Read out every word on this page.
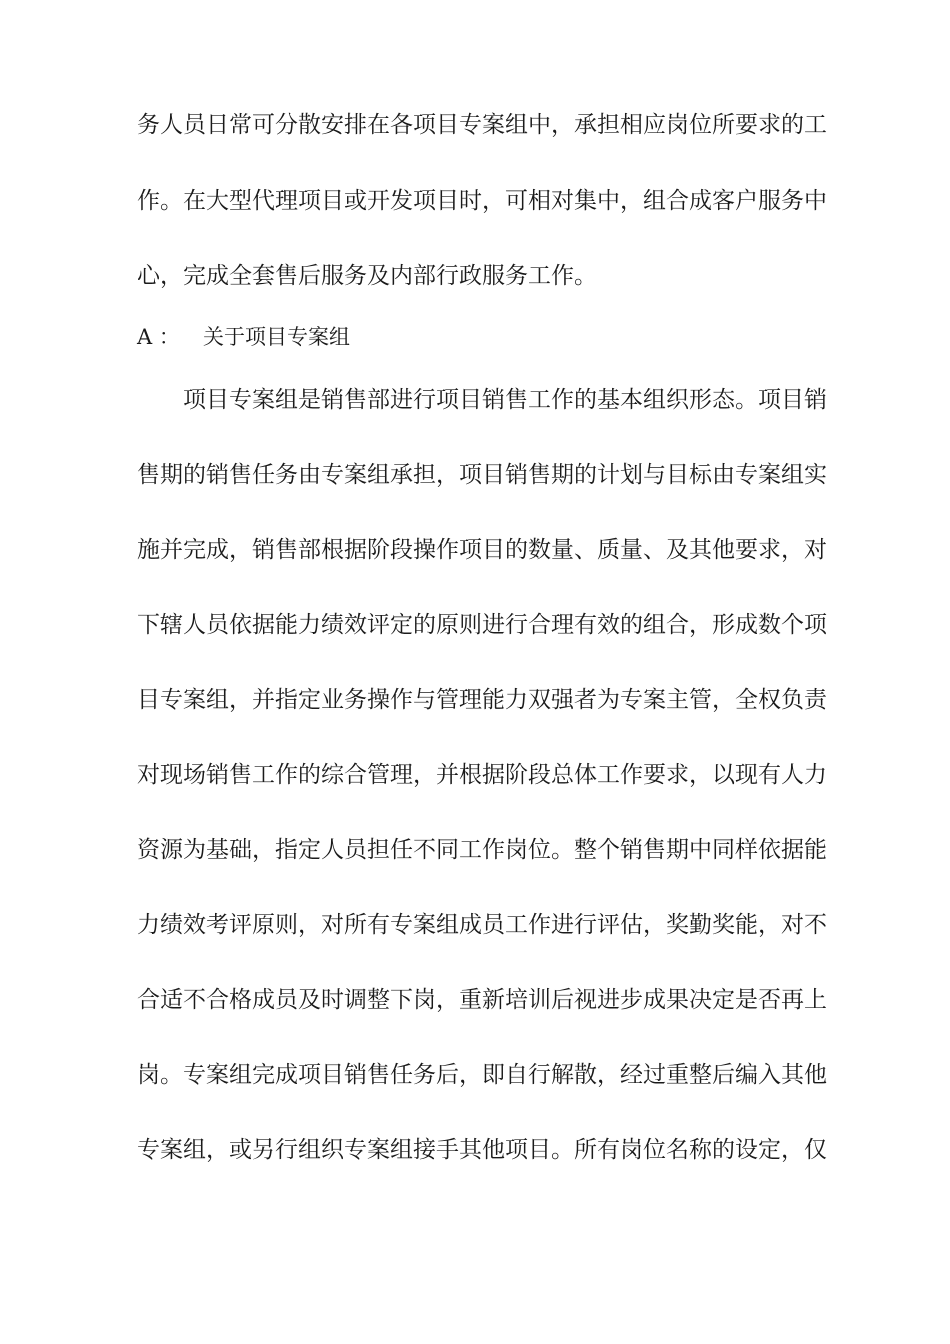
务人员日常可分散安排在各项目专案组中，承担相应岗位所要求的工
作。在大型代理项目或开发项目时，可相对集中，组合成客户服务中
心，完成全套售后服务及内部行政服务工作。
A ： 关于项目专案组
项目专案组是销售部进行项目销售工作的基本组织形态。项目销
售期的销售任务由专案组承担，项目销售期的计划与目标由专案组实
施并完成，销售部根据阶段操作项目的数量、质量、及其他要求，对
下辖人员依据能力绩效评定的原则进行合理有效的组合，形成数个项
目专案组，并指定业务操作与管理能力双强者为专案主管，全权负责
对现场销售工作的综合管理，并根据阶段总体工作要求，以现有人力
资源为基础，指定人员担任不同工作岗位。整个销售期中同样依据能
力绩效考评原则，对所有专案组成员工作进行评估，奖勤奖能，对不
合适不合格成员及时调整下岗，重新培训后视进步成果决定是否再上
岗。专案组完成项目销售任务后，即自行解散，经过重整后编入其他
专案组，或另行组织专案组接手其他项目。所有岗位名称的设定，仅
